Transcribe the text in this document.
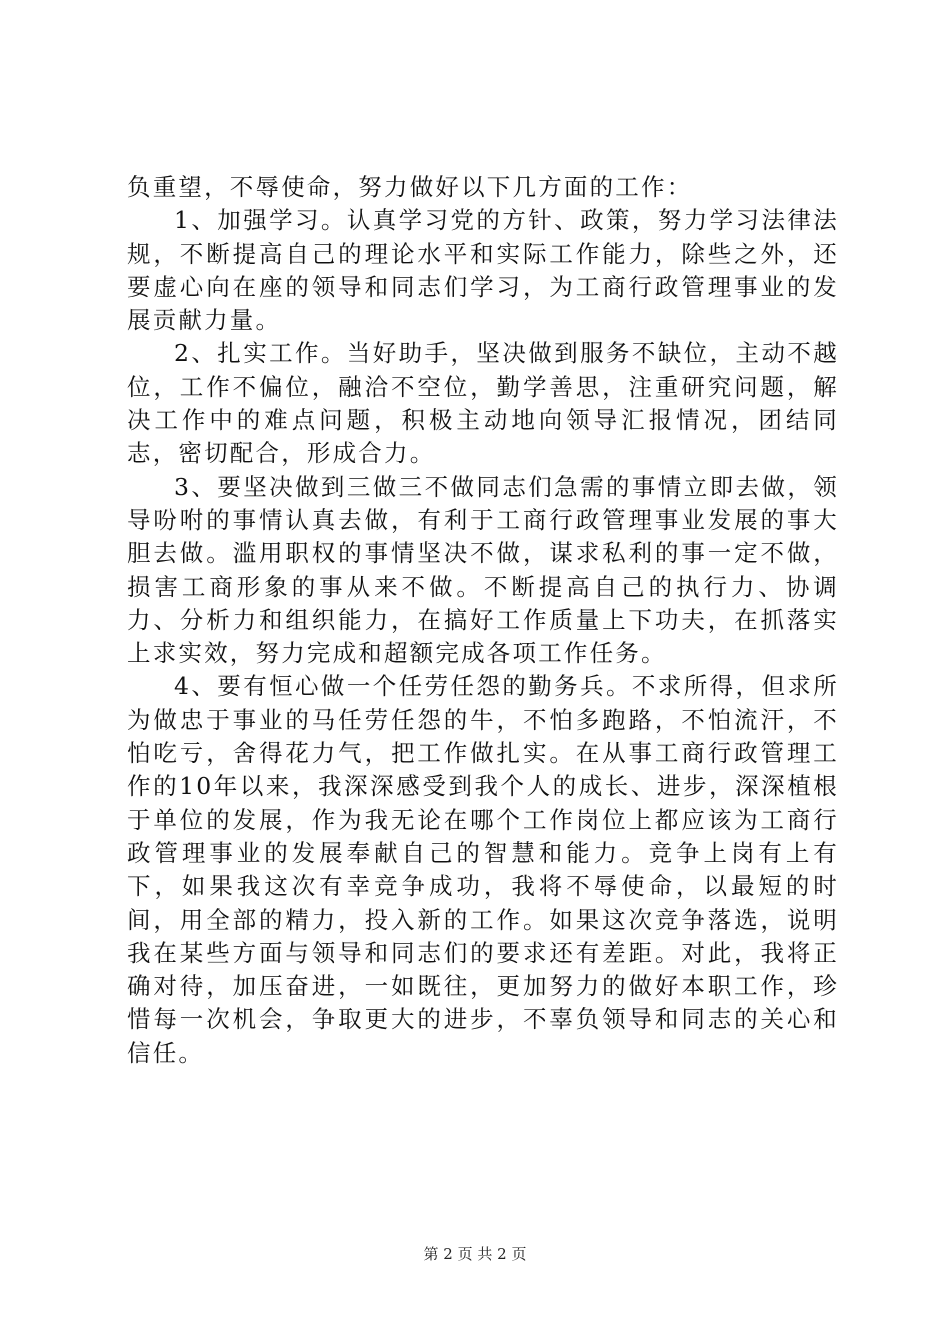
负重望，不辱使命，努力做好以下几方面的工作：

1、加强学习。认真学习党的方针、政策，努力学习法律法规，不断提高自己的理论水平和实际工作能力，除些之外，还要虚心向在座的领导和同志们学习，为工商行政管理事业的发展贡献力量。

2、扎实工作。当好助手，坚决做到服务不缺位，主动不越位，工作不偏位，融洽不空位，勤学善思，注重研究问题，解决工作中的难点问题，积极主动地向领导汇报情况，团结同志，密切配合，形成合力。

3、要坚决做到三做三不做同志们急需的事情立即去做，领导吩咐的事情认真去做，有利于工商行政管理事业发展的事大胆去做。滥用职权的事情坚决不做，谋求私利的事一定不做，损害工商形象的事从来不做。不断提高自己的执行力、协调力、分析力和组织能力，在搞好工作质量上下功夫，在抓落实上求实效，努力完成和超额完成各项工作任务。

4、要有恒心做一个任劳任怨的勤务兵。不求所得，但求所为做忠于事业的马任劳任怨的牛，不怕多跑路，不怕流汗，不怕吃亏，舍得花力气，把工作做扎实。在从事工商行政管理工作的10年以来，我深深感受到我个人的成长、进步，深深植根于单位的发展，作为我无论在哪个工作岗位上都应该为工商行政管理事业的发展奉献自己的智慧和能力。竞争上岗有上有下，如果我这次有幸竞争成功，我将不辱使命，以最短的时间，用全部的精力，投入新的工作。如果这次竞争落选，说明我在某些方面与领导和同志们的要求还有差距。对此，我将正确对待，加压奋进，一如既往，更加努力的做好本职工作，珍惜每一次机会，争取更大的进步，不辜负领导和同志的关心和信任。

第 2 页 共 2 页
